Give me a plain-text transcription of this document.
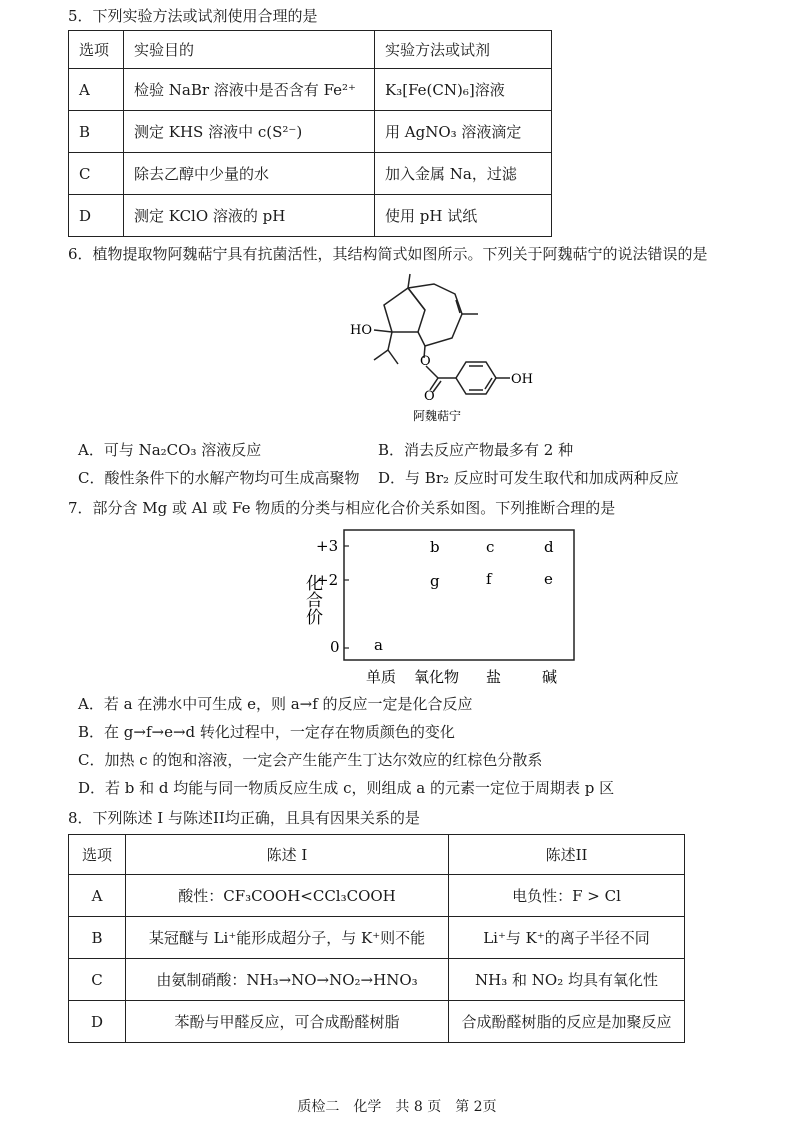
5．下列实验方法或试剂使用合理的是
选项	实验目的	实验方法或试剂
A	检验 NaBr 溶液中是否含有 Fe²⁺	K₃[Fe(CN)₆]溶液
B	测定 KHS 溶液中 c(S²⁻)	用 AgNO₃ 溶液滴定
C	除去乙醇中少量的水	加入金属 Na，过滤
D	测定 KClO 溶液的 pH	使用 pH 试纸
6．植物提取物阿魏萜宁具有抗菌活性，其结构简式如图所示。下列关于阿魏萜宁的说法错误的是
HO
O
O
OH
阿魏萜宁
A．可与 Na₂CO₃ 溶液反应	B．消去反应产物最多有 2 种
C．酸性条件下的水解产物均可生成高聚物 D．与 Br₂ 反应时可发生取代和加成两种反应
7．部分含 Mg 或 Al 或 Fe 物质的分类与相应化合价关系如图。下列推断合理的是
化合价
+3
+2
0 a
b	c	d
e
f
g
单质 氧化物 盐	碱
A．若 a 在沸水中可生成 e，则 a→f 的反应一定是化合反应
B．在 g→f→e→d 转化过程中，一定存在物质颜色的变化
C．加热 c 的饱和溶液，一定会产生能产生丁达尔效应的红棕色分散系
D．若 b 和 d 均能与同一物质反应生成 c，则组成 a 的元素一定位于周期表 p 区
8．下列陈述 I 与陈述II均正确，且具有因果关系的是
选项	陈述 I	陈述II
A	酸性：CF₃COOH<CCl₃COOH	电负性：F > Cl
B	某冠醚与 Li⁺能形成超分子，与 K⁺则不能	Li⁺与 K⁺的离子半径不同
C	由氨制硝酸：NH₃→NO→NO₂→HNO₃	NH₃ 和 NO₂ 均具有氧化性
D	苯酚与甲醛反应，可合成酚醛树脂	合成酚醛树脂的反应是加聚反应
质检二　化学　共 8 页　第 2页
